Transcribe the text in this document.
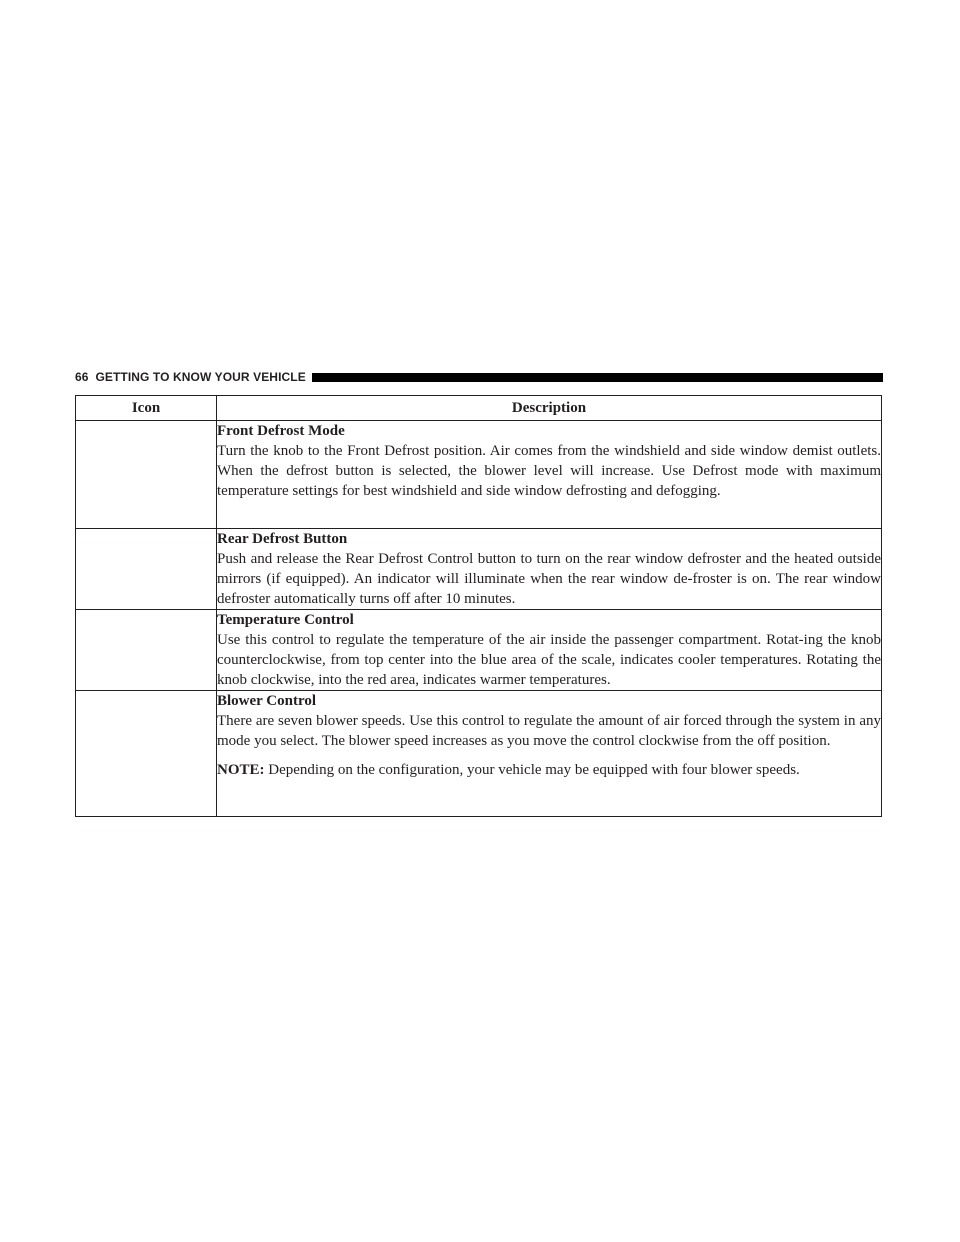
66 GETTING TO KNOW YOUR VEHICLE
Icon	Description

	Front Defrost Mode
Turn the knob to the Front Defrost position. Air comes from the windshield and side window demist outlets. When the defrost button is selected, the blower level will increase. Use Defrost mode with maximum temperature settings for best windshield and side window defrosting and defogging.

	Rear Defrost Button
Push and release the Rear Defrost Control button to turn on the rear window defroster and the heated outside mirrors (if equipped). An indicator will illuminate when the rear window de-froster is on. The rear window defroster automatically turns off after 10 minutes.

	Temperature Control
Use this control to regulate the temperature of the air inside the passenger compartment. Rotat-ing the knob counterclockwise, from top center into the blue area of the scale, indicates cooler temperatures. Rotating the knob clockwise, into the red area, indicates warmer temperatures.

	Blower Control
There are seven blower speeds. Use this control to regulate the amount of air forced through the system in any mode you select. The blower speed increases as you move the control clockwise from the off position.
NOTE: Depending on the configuration, your vehicle may be equipped with four blower speeds.
